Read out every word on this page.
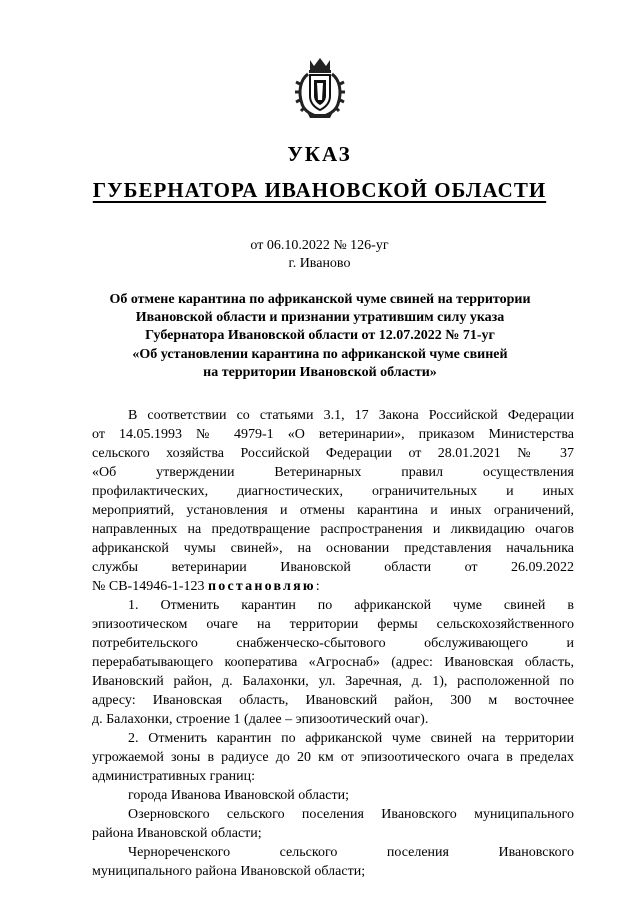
УКАЗ
ГУБЕРНАТОРА ИВАНОВСКОЙ ОБЛАСТИ
от 06.10.2022 № 126-уг
г. Иваново
Об отмене карантина по африканской чуме свиней на территории
Ивановской области и признании утратившим силу указа
Губернатора Ивановской области от 12.07.2022 № 71-уг
«Об установлении карантина по африканской чуме свиней
на территории Ивановской области»
В соответствии со статьями 3.1, 17 Закона Российской Федерации
от 14.05.1993 № 4979-1 «О ветеринарии», приказом Министерства
сельского хозяйства Российской Федерации от 28.01.2021 № 37
«Об утверждении Ветеринарных правил осуществления
профилактических, диагностических, ограничительных и иных
мероприятий, установления и отмены карантина и иных ограничений,
направленных на предотвращение распространения и ликвидацию очагов
африканской чумы свиней», на основании представления начальника
службы ветеринарии Ивановской области от 26.09.2022
№ СВ-14946-1-123 постановляю:
1. Отменить карантин по африканской чуме свиней в
эпизоотическом очаге на территории фермы сельскохозяйственного
потребительского снабженческо-сбытового обслуживающего и
перерабатывающего кооператива «Агроснаб» (адрес: Ивановская область,
Ивановский район, д. Балахонки, ул. Заречная, д. 1), расположенной по
адресу: Ивановская область, Ивановский район, 300 м восточнее
д. Балахонки, строение 1 (далее – эпизоотический очаг).
2. Отменить карантин по африканской чуме свиней на территории
угрожаемой зоны в радиусе до 20 км от эпизоотического очага в пределах
административных границ:
города Иванова Ивановской области;
Озерновского сельского поселения Ивановского муниципального
района Ивановской области;
Чернореченского сельского поселения Ивановского
муниципального района Ивановской области;
